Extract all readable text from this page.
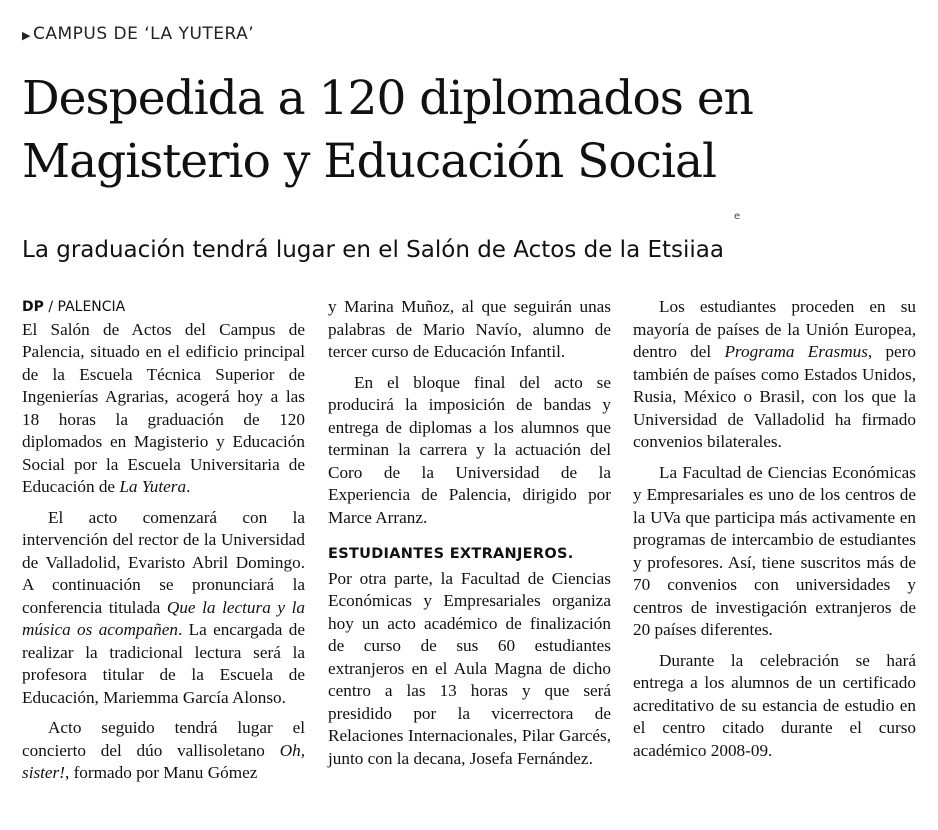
▶ CAMPUS DE ‘LA YUTERA’
Despedida a 120 diplomados en
Magisterio y Educación Social
e
La graduación tendrá lugar en el Salón de Actos de la Etsiiaa
DP / PALENCIA

El Salón de Actos del Campus de Palencia, situado en el edificio principal de la Escuela Técnica Superior de Ingenierías Agrarias, acogerá hoy a las 18 horas la graduación de 120 diplomados en Magisterio y Educación Social por la Escuela Universitaria de Educación de La Yutera.

El acto comenzará con la intervención del rector de la Universidad de Valladolid, Evaristo Abril Domingo. A continuación se pronunciará la conferencia titulada Que la lectura y la música os acompañen. La encargada de realizar la tradicional lectura será la profesora titular de la Escuela de Educación, Mariemma García Alonso.

Acto seguido tendrá lugar el concierto del dúo vallisoletano Oh, sister!, formado por Manu Gómez

y Marina Muñoz, al que seguirán unas palabras de Mario Navío, alumno de tercer curso de Educación Infantil.

En el bloque final del acto se producirá la imposición de bandas y entrega de diplomas a los alumnos que terminan la carrera y la actuación del Coro de la Universidad de la Experiencia de Palencia, dirigido por Marce Arranz.

ESTUDIANTES EXTRANJEROS.

Por otra parte, la Facultad de Ciencias Económicas y Empresariales organiza hoy un acto académico de finalización de curso de sus 60 estudiantes extranjeros en el Aula Magna de dicho centro a las 13 horas y que será presidido por la vicerrectora de Relaciones Internacionales, Pilar Garcés, junto con la decana, Josefa Fernández.

Los estudiantes proceden en su mayoría de países de la Unión Europea, dentro del Programa Erasmus, pero también de países como Estados Unidos, Rusia, México o Brasil, con los que la Universidad de Valladolid ha firmado convenios bilaterales.

La Facultad de Ciencias Económicas y Empresariales es uno de los centros de la UVa que participa más activamente en programas de intercambio de estudiantes y profesores. Así, tiene suscritos más de 70 convenios con universidades y centros de investigación extranjeros de 20 países diferentes.

Durante la celebración se hará entrega a los alumnos de un certificado acreditativo de su estancia de estudio en el centro citado durante el curso académico 2008-09.
